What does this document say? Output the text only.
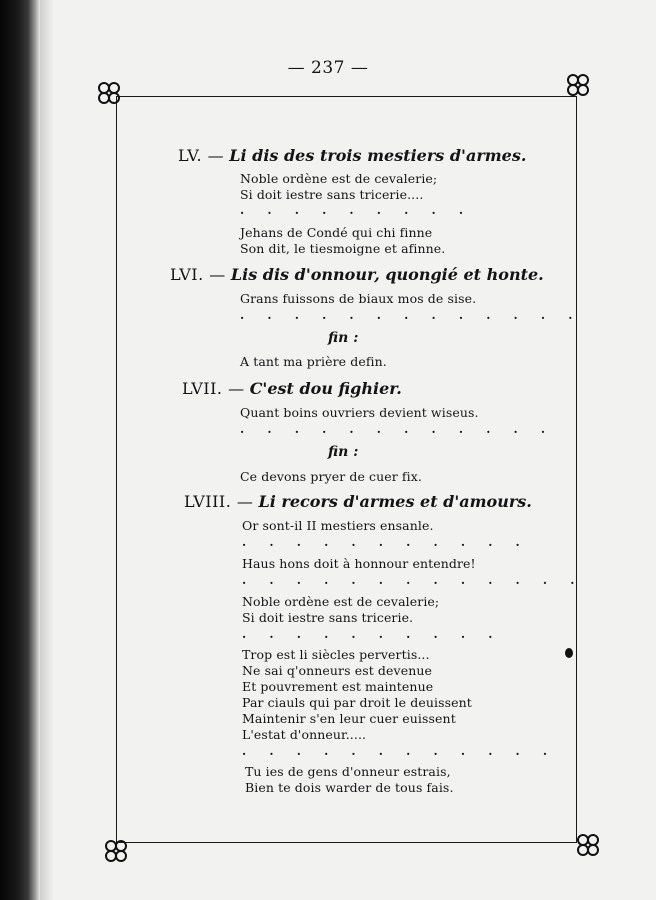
— 237 —
LV. — Li dis des trois mestiers d'armes.
Noble ordène est de cevalerie;
Si doit iestre sans tricerie....
. . . . . . . . .
Jehans de Condé qui chi finne
Son dit, le tiesmoigne et afinne.
LVI. — Lis dis d'onnour, quongié et honte.
Grans fuissons de biaux mos de sise.
. . . . . . . . . . . . .
fin :
A tant ma prière defin.
LVII. — C'est dou fighier.
Quant boins ouvriers devient wiseus.
. . . . . . . . . . . .
fin :
Ce devons pryer de cuer fix.
LVIII. — Li recors d'armes et d'amours.
Or sont-il II mestiers ensanle.
. . . . . . . . . . .
Haus hons doit à honnour entendre!
. . . . . . . . . . . . .
Noble ordène est de cevalerie;
Si doit iestre sans tricerie.
. . . . . . . . . .
Trop est li siècles pervertis...
Ne sai q'onneurs est devenue
Et pouvrement est maintenue
Par ciauls qui par droit le deuissent
Maintenir s'en leur cuer euissent
L'estat d'onneur.....
. . . . . . . . . . . .
Tu ies de gens d'onneur estrais,
Bien te dois warder de tous fais.
